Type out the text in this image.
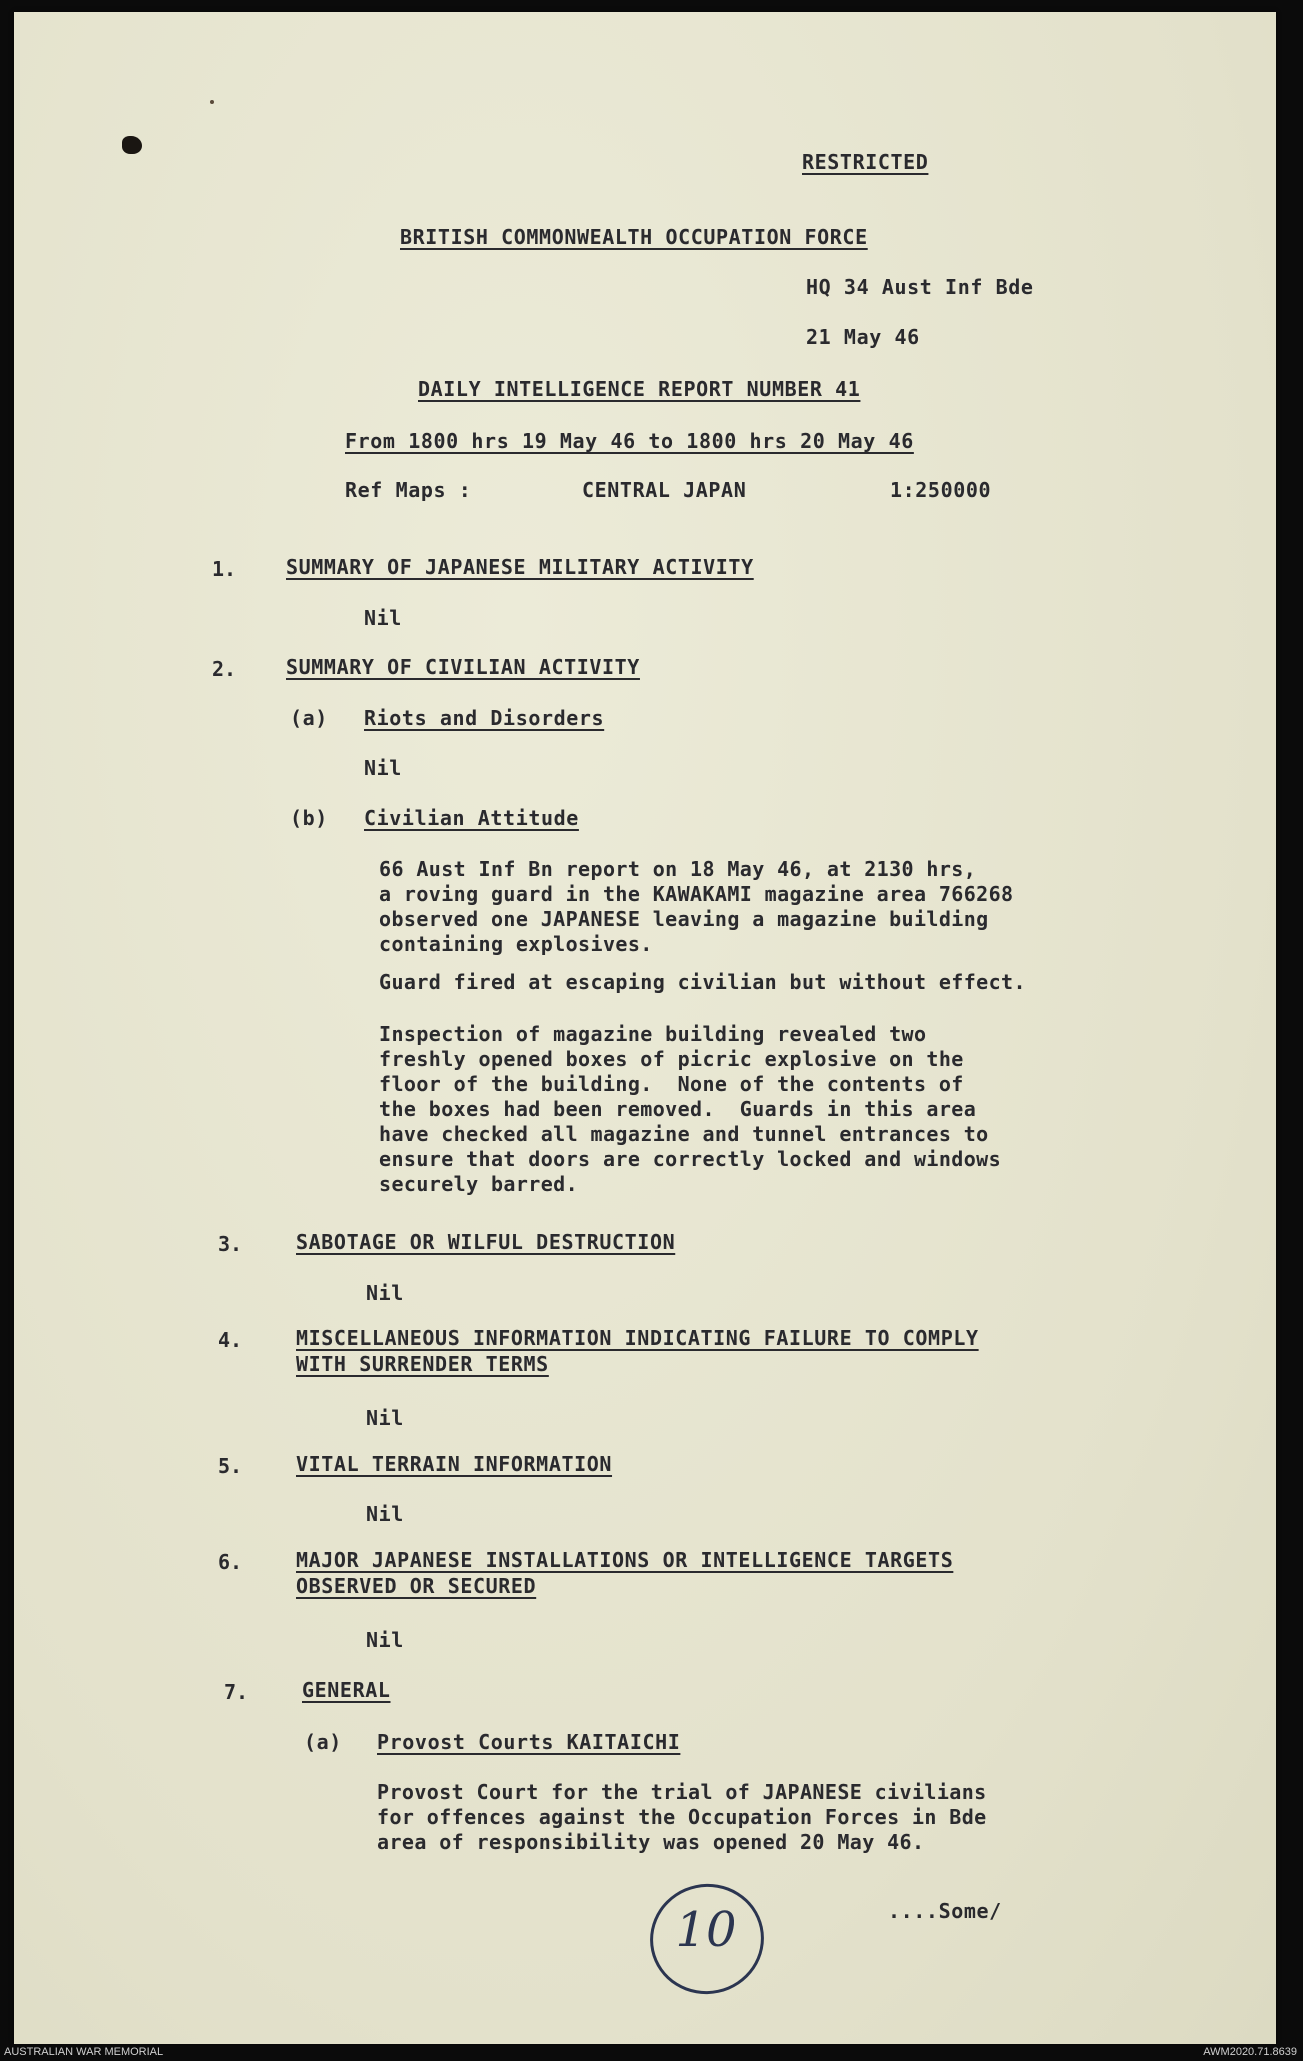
RESTRICTED
BRITISH COMMONWEALTH OCCUPATION FORCE
HQ 34 Aust Inf Bde
21 May 46
DAILY INTELLIGENCE REPORT NUMBER 41
From 1800 hrs 19 May 46 to 1800 hrs 20 May 46
Ref Maps :	CENTRAL JAPAN	1:250000
1. SUMMARY OF JAPANESE MILITARY ACTIVITY
Nil
2. SUMMARY OF CIVILIAN ACTIVITY
(a) Riots and Disorders
Nil
(b) Civilian Attitude
66 Aust Inf Bn report on 18 May 46, at 2130 hrs,
a roving guard in the KAWAKAMI magazine area 766268
observed one JAPANESE leaving a magazine building
containing explosives.
Guard fired at escaping civilian but without effect.
Inspection of magazine building revealed two
freshly opened boxes of picric explosive on the
floor of the building.  None of the contents of
the boxes had been removed.  Guards in this area
have checked all magazine and tunnel entrances to
ensure that doors are correctly locked and windows
securely barred.
3.	SABOTAGE OR WILFUL DESTRUCTION
Nil
4.	MISCELLANEOUS INFORMATION INDICATING FAILURE TO COMPLY
WITH SURRENDER TERMS
Nil
5.	VITAL TERRAIN INFORMATION
Nil
6.	MAJOR JAPANESE INSTALLATIONS OR INTELLIGENCE TARGETS
OBSERVED OR SECURED
Nil
7.	GENERAL
(a) Provost Courts KAITAICHI
Provost Court for the trial of JAPANESE civilians
for offences against the Occupation Forces in Bde
area of responsibility was opened 20 May 46.
....Some/
10
AUSTRALIAN WAR MEMORIAL	AWM2020.71.8639
